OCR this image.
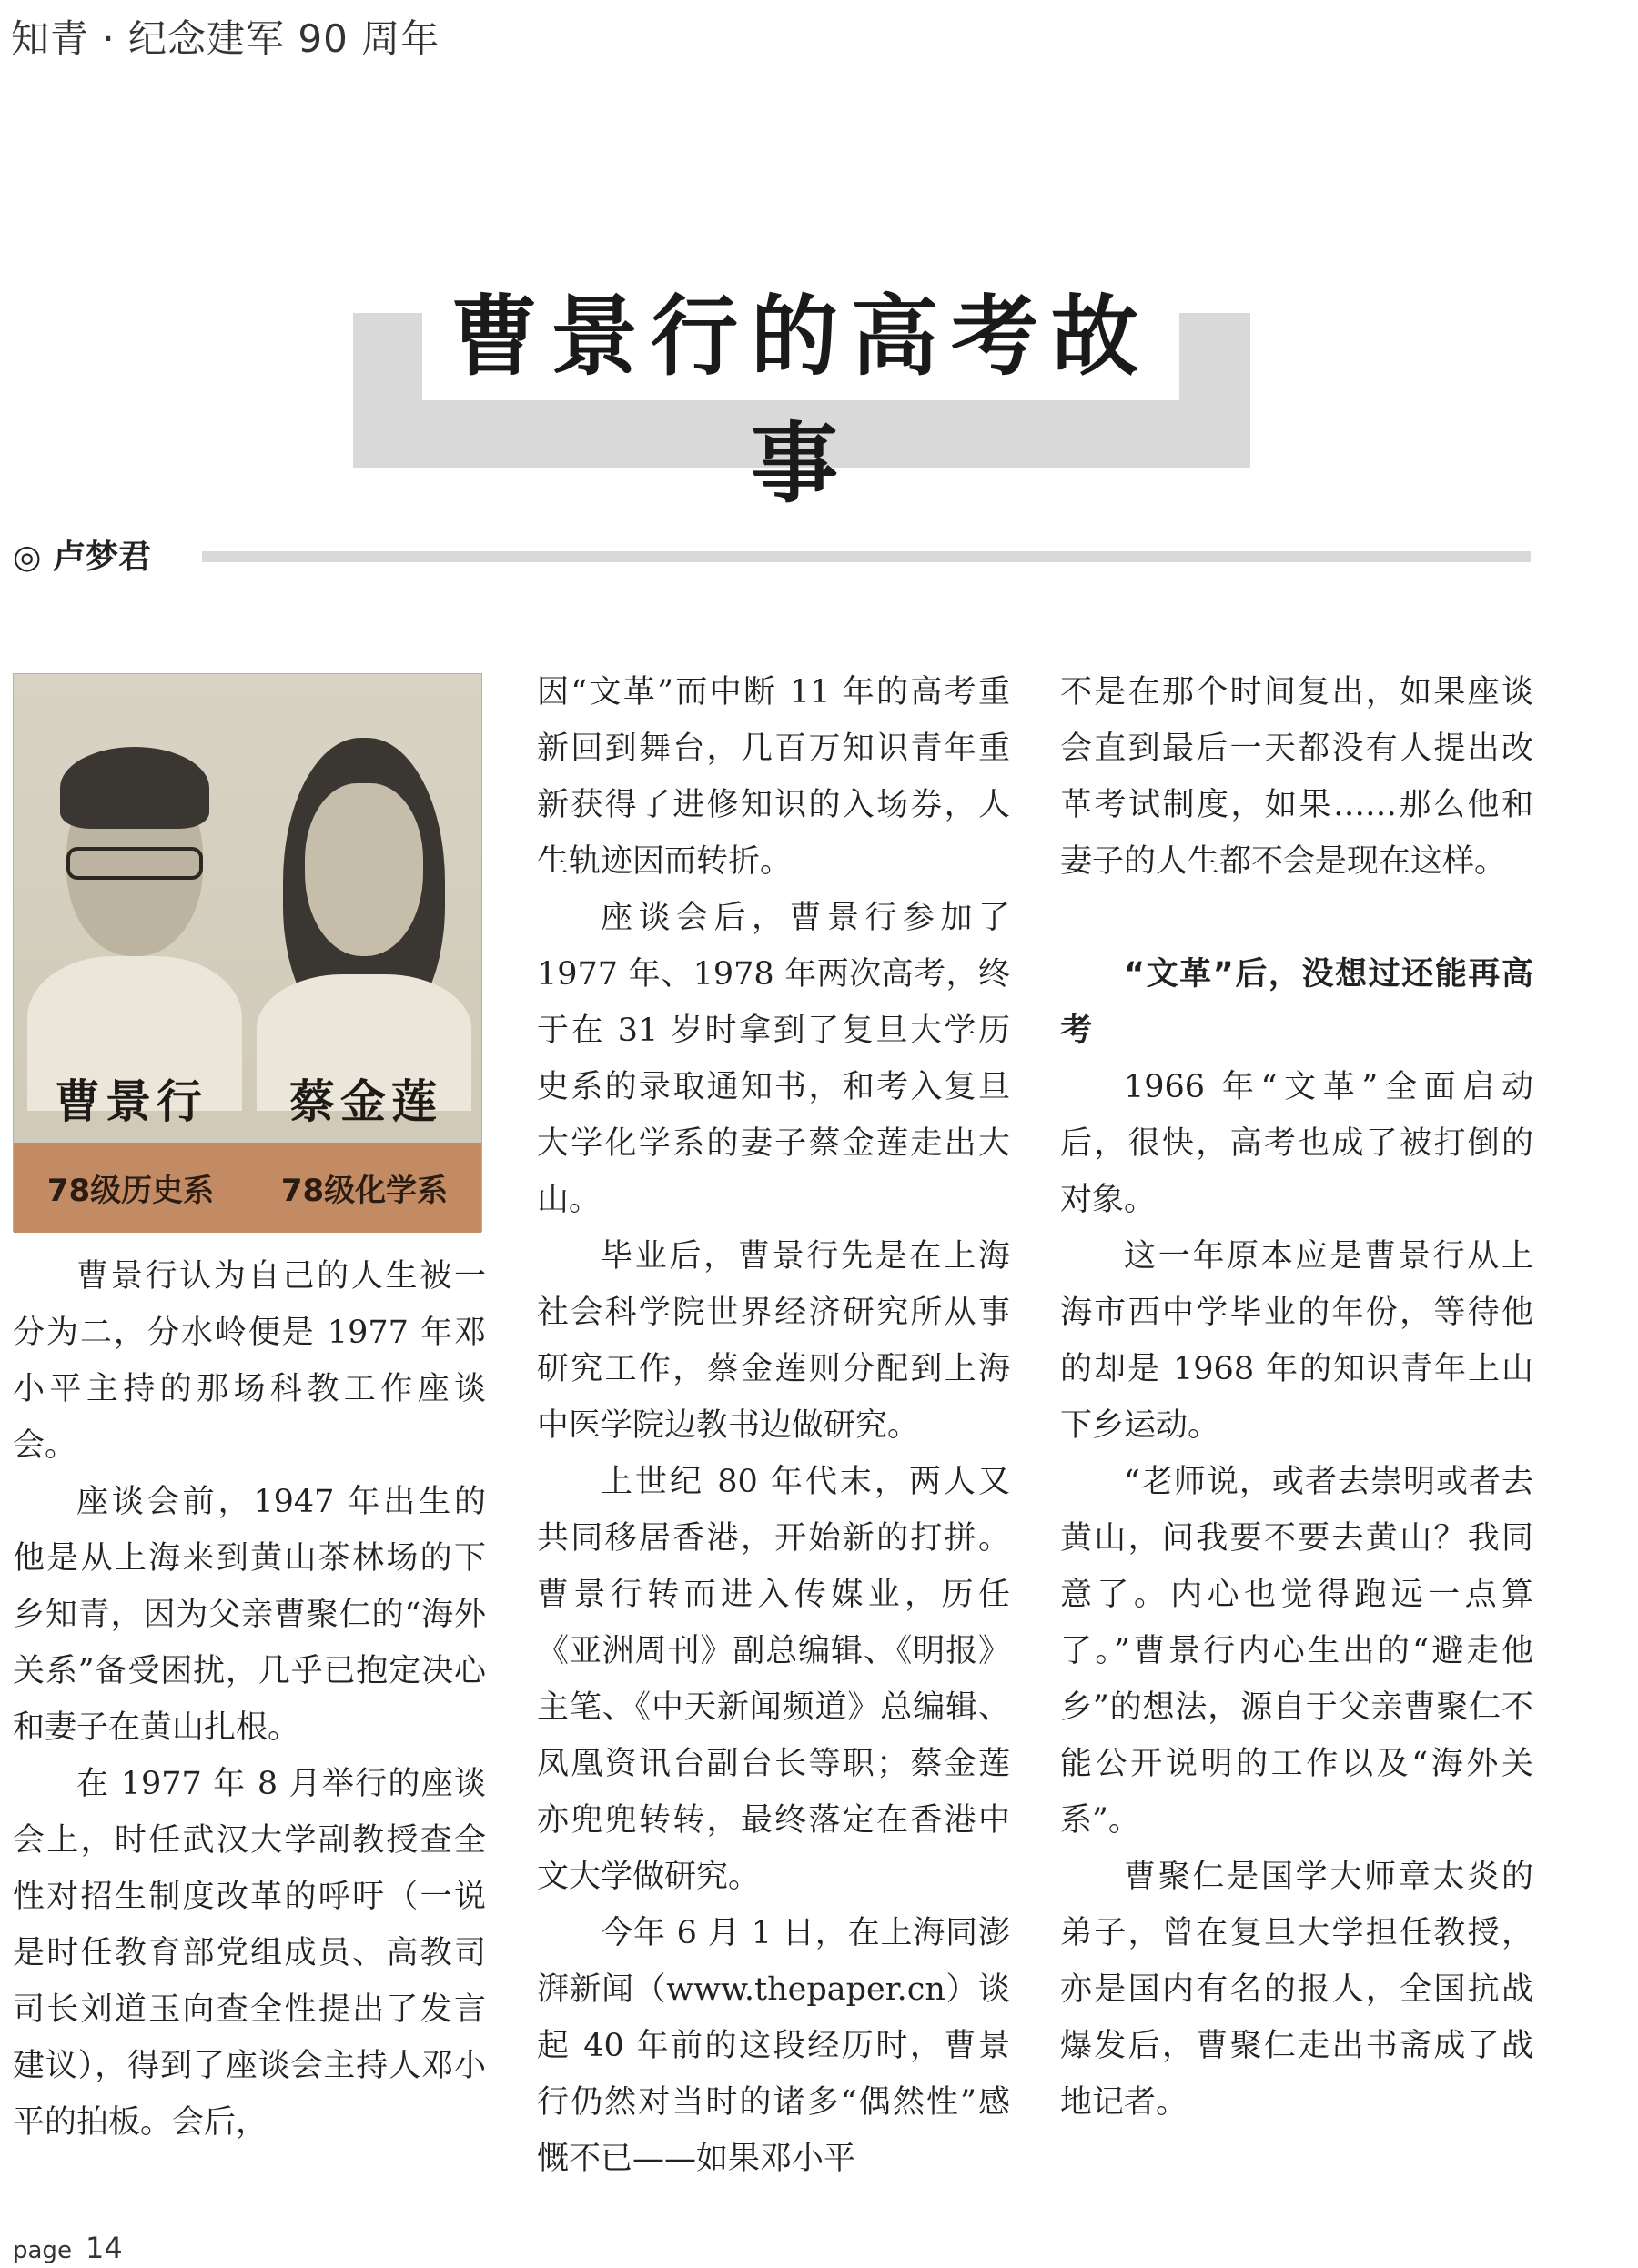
知青 · 纪念建军 90 周年
曹景行的高考故事
◎ 卢梦君
曹景行 蔡金莲
78级历史系 78级化学系

曹景行认为自己的人生被一分为二，分水岭便是 1977 年邓小平主持的那场科教工作座谈会。

座谈会前，1947 年出生的他是从上海来到黄山茶林场的下乡知青，因为父亲曹聚仁的“海外关系”备受困扰，几乎已抱定决心和妻子在黄山扎根。

在 1977 年 8 月举行的座谈会上，时任武汉大学副教授查全性对招生制度改革的呼吁（一说是时任教育部党组成员、高教司司长刘道玉向查全性提出了发言建议），得到了座谈会主持人邓小平的拍板。会后，

因“文革”而中断 11 年的高考重新回到舞台，几百万知识青年重新获得了进修知识的入场券，人生轨迹因而转折。

座谈会后，曹景行参加了 1977 年、1978 年两次高考，终于在 31 岁时拿到了复旦大学历史系的录取通知书，和考入复旦大学化学系的妻子蔡金莲走出大山。

毕业后，曹景行先是在上海社会科学院世界经济研究所从事研究工作，蔡金莲则分配到上海中医学院边教书边做研究。

上世纪 80 年代末，两人又共同移居香港，开始新的打拼。曹景行转而进入传媒业，历任《亚洲周刊》副总编辑、《明报》主笔、《中天新闻频道》总编辑、凤凰资讯台副台长等职；蔡金莲亦兜兜转转，最终落定在香港中文大学做研究。

今年 6 月 1 日，在上海同澎湃新闻（www.thepaper.cn）谈起 40 年前的这段经历时，曹景行仍然对当时的诸多“偶然性”感慨不已——如果邓小平

不是在那个时间复出，如果座谈会直到最后一天都没有人提出改革考试制度，如果……那么他和妻子的人生都不会是现在这样。

“文革”后，没想过还能再高考

1966 年“文革”全面启动后，很快，高考也成了被打倒的对象。

这一年原本应是曹景行从上海市西中学毕业的年份，等待他的却是 1968 年的知识青年上山下乡运动。

“老师说，或者去崇明或者去黄山，问我要不要去黄山？我同意了。内心也觉得跑远一点算了。”曹景行内心生出的“避走他乡”的想法，源自于父亲曹聚仁不能公开说明的工作以及“海外关系”。

曹聚仁是国学大师章太炎的弟子，曾在复旦大学担任教授，亦是国内有名的报人，全国抗战爆发后，曹聚仁走出书斋成了战地记者。

page 14
